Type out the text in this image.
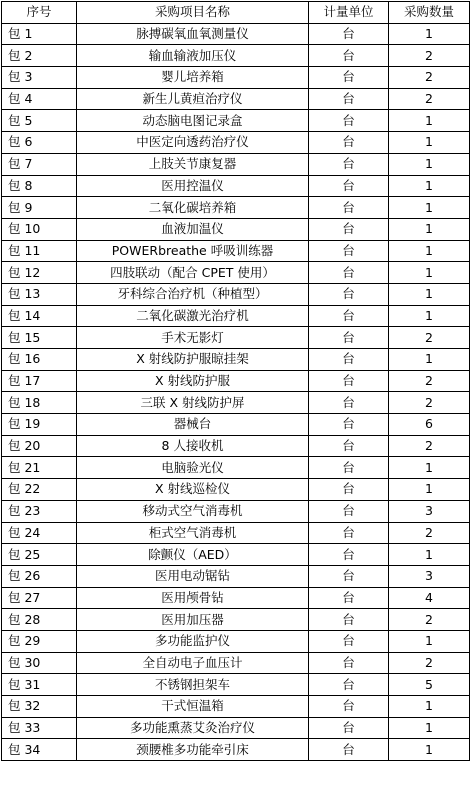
序号	采购项目名称	计量单位	采购数量
包 1	脉搏碳氧血氧测量仪	台	1
包 2	输血输液加压仪	台	2
包 3	婴儿培养箱	台	2
包 4	新生儿黄疸治疗仪	台	2
包 5	动态脑电图记录盒	台	1
包 6	中医定向透药治疗仪	台	1
包 7	上肢关节康复器	台	1
包 8	医用控温仪	台	1
包 9	二氧化碳培养箱	台	1
包 10	血液加温仪	台	1
包 11	POWERbreathe 呼吸训练器	台	1
包 12	四肢联动（配合 CPET 使用）	台	1
包 13	牙科综合治疗机（种植型）	台	1
包 14	二氧化碳激光治疗机	台	1
包 15	手术无影灯	台	2
包 16	X 射线防护服晾挂架	台	1
包 17	X 射线防护服	台	2
包 18	三联 X 射线防护屏	台	2
包 19	器械台	台	6
包 20	8 人接收机	台	2
包 21	电脑验光仪	台	1
包 22	X 射线巡检仪	台	1
包 23	移动式空气消毒机	台	3
包 24	柜式空气消毒机	台	2
包 25	除颤仪（AED）	台	1
包 26	医用电动锯钻	台	3
包 27	医用颅骨钻	台	4
包 28	医用加压器	台	2
包 29	多功能监护仪	台	1
包 30	全自动电子血压计	台	2
包 31	不锈钢担架车	台	5
包 32	干式恒温箱	台	1
包 33	多功能熏蒸艾灸治疗仪	台	1
包 34	颈腰椎多功能牵引床	台	1
